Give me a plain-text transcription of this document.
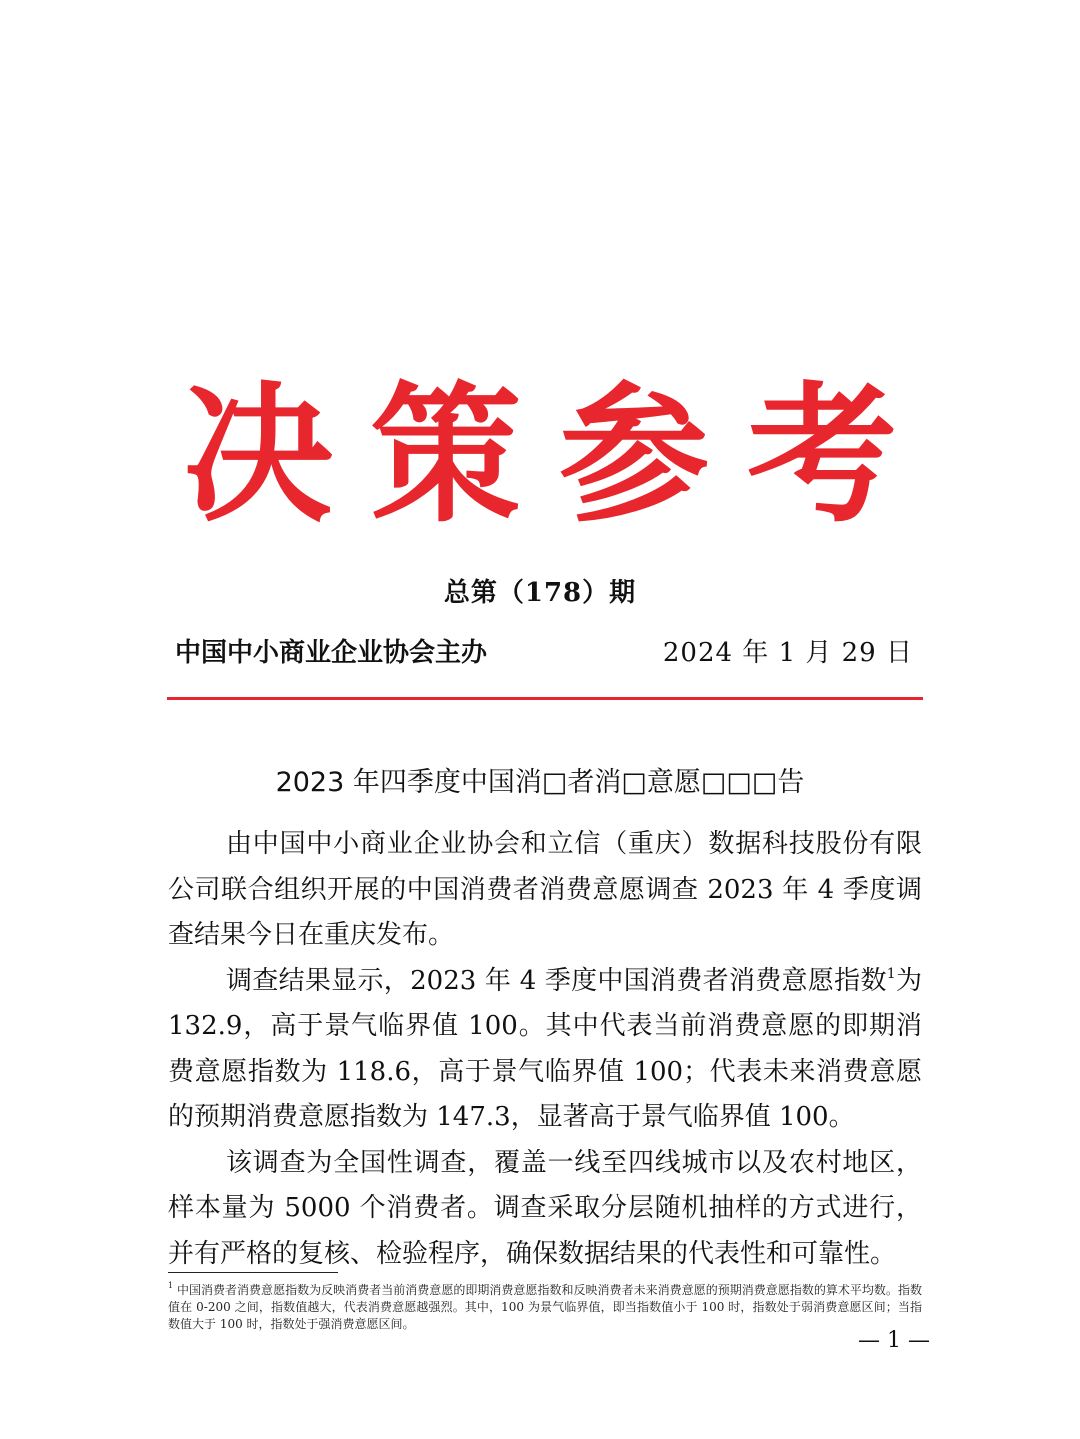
决策参考
总第（178）期
中国中小商业企业协会主办	2024 年 1 月 29 日
2023 年四季度中国消□者消□意愿□□□告

由中国中小商业企业协会和立信（重庆）数据科技股份有限公司联合组织开展的中国消费者消费意愿调查 2023 年 4 季度调查结果今日在重庆发布。

调查结果显示，2023 年 4 季度中国消费者消费意愿指数$^1$为 132.9，高于景气临界值 100。其中代表当前消费意愿的即期消费意愿指数为 118.6，高于景气临界值 100；代表未来消费意愿的预期消费意愿指数为 147.3，显著高于景气临界值 100。

该调查为全国性调查，覆盖一线至四线城市以及农村地区，样本量为 5000 个消费者。调查采取分层随机抽样的方式进行，并有严格的复核、检验程序，确保数据结果的代表性和可靠性。

$^1$ 中国消费者消费意愿指数为反映消费者当前消费意愿的即期消费意愿指数和反映消费者未来消费意愿的预期消费意愿指数的算术平均数。指数值在 0-200 之间，指数值越大，代表消费意愿越强烈。其中，100 为景气临界值，即当指数值小于 100 时，指数处于弱消费意愿区间；当指数值大于 100 时，指数处于强消费意愿区间。
— 1 —
